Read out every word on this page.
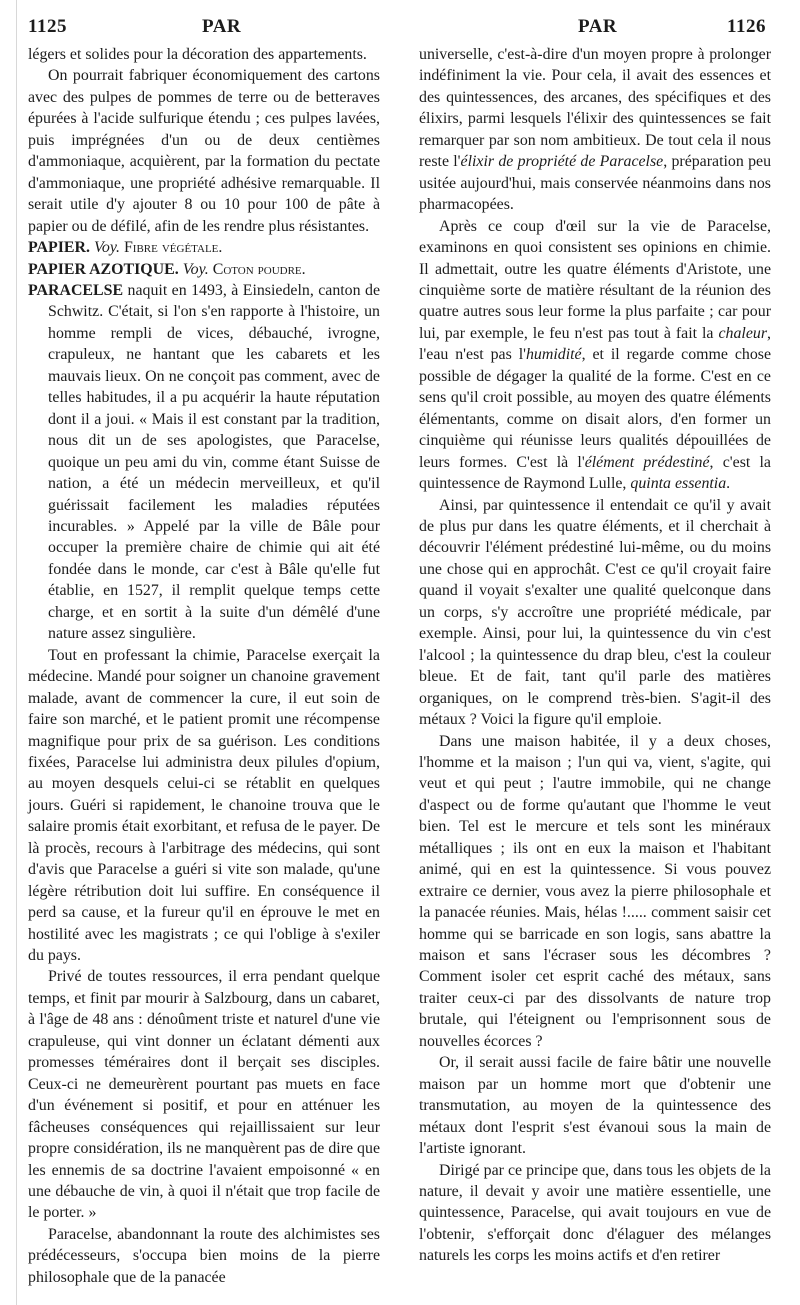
1125	PAR	PAR	1126

légers et solides pour la décoration des appartements.

On pourrait fabriquer économiquement des cartons avec des pulpes de pommes de terre ou de betteraves épurées à l'acide sulfurique étendu ; ces pulpes lavées, puis imprégnées d'un ou de deux centièmes d'ammoniaque, acquièrent, par la formation du pectate d'ammoniaque, une propriété adhésive remarquable. Il serait utile d'y ajouter 8 ou 10 pour 100 de pâte à papier ou de défilé, afin de les rendre plus résistantes.

PAPIER. Voy. Fibre végétale.

PAPIER AZOTIQUE. Voy. Coton poudre.

PARACELSE naquit en 1493, à Einsiedeln, canton de Schwitz. C'était, si l'on s'en rapporte à l'histoire, un homme rempli de vices, débauché, ivrogne, crapuleux, ne hantant que les cabarets et les mauvais lieux. On ne conçoit pas comment, avec de telles habitudes, il a pu acquérir la haute réputation dont il a joui. « Mais il est constant par la tradition, nous dit un de ses apologistes, que Paracelse, quoique un peu ami du vin, comme étant Suisse de nation, a été un médecin merveilleux, et qu'il guérissait facilement les maladies réputées incurables. » Appelé par la ville de Bâle pour occuper la première chaire de chimie qui ait été fondée dans le monde, car c'est à Bâle qu'elle fut établie, en 1527, il remplit quelque temps cette charge, et en sortit à la suite d'un démêlé d'une nature assez singulière.

Tout en professant la chimie, Paracelse exerçait la médecine. Mandé pour soigner un chanoine gravement malade, avant de commencer la cure, il eut soin de faire son marché, et le patient promit une récompense magnifique pour prix de sa guérison. Les conditions fixées, Paracelse lui administra deux pilules d'opium, au moyen desquels celui-ci se rétablit en quelques jours. Guéri si rapidement, le chanoine trouva que le salaire promis était exorbitant, et refusa de le payer. De là procès, recours à l'arbitrage des médecins, qui sont d'avis que Paracelse a guéri si vite son malade, qu'une légère rétribution doit lui suffire. En conséquence il perd sa cause, et la fureur qu'il en éprouve le met en hostilité avec les magistrats ; ce qui l'oblige à s'exiler du pays.

Privé de toutes ressources, il erra pendant quelque temps, et finit par mourir à Salzbourg, dans un cabaret, à l'âge de 48 ans : dénoûment triste et naturel d'une vie crapuleuse, qui vint donner un éclatant démenti aux promesses téméraires dont il berçait ses disciples. Ceux-ci ne demeurèrent pourtant pas muets en face d'un événement si positif, et pour en atténuer les fâcheuses conséquences qui rejaillissaient sur leur propre considération, ils ne manquèrent pas de dire que les ennemis de sa doctrine l'avaient empoisonné « en une débauche de vin, à quoi il n'était que trop facile de le porter. »

Paracelse, abandonnant la route des alchimistes ses prédécesseurs, s'occupa bien moins de la pierre philosophale que de la panacée

universelle, c'est-à-dire d'un moyen propre à prolonger indéfiniment la vie. Pour cela, il avait des essences et des quintessences, des arcanes, des spécifiques et des élixirs, parmi lesquels l'élixir des quintessences se fait remarquer par son nom ambitieux. De tout cela il nous reste l'élixir de propriété de Paracelse, préparation peu usitée aujourd'hui, mais conservée néanmoins dans nos pharmacopées.

Après ce coup d'œil sur la vie de Paracelse, examinons en quoi consistent ses opinions en chimie. Il admettait, outre les quatre éléments d'Aristote, une cinquième sorte de matière résultant de la réunion des quatre autres sous leur forme la plus parfaite ; car pour lui, par exemple, le feu n'est pas tout à fait la chaleur, l'eau n'est pas l'humidité, et il regarde comme chose possible de dégager la qualité de la forme. C'est en ce sens qu'il croit possible, au moyen des quatre éléments élémentants, comme on disait alors, d'en former un cinquième qui réunisse leurs qualités dépouillées de leurs formes. C'est là l'élément prédestiné, c'est la quintessence de Raymond Lulle, quinta essentia.

Ainsi, par quintessence il entendait ce qu'il y avait de plus pur dans les quatre éléments, et il cherchait à découvrir l'élément prédestiné lui-même, ou du moins une chose qui en approchât. C'est ce qu'il croyait faire quand il voyait s'exalter une qualité quelconque dans un corps, s'y accroître une propriété médicale, par exemple. Ainsi, pour lui, la quintessence du vin c'est l'alcool ; la quintessence du drap bleu, c'est la couleur bleue. Et de fait, tant qu'il parle des matières organiques, on le comprend très-bien. S'agit-il des métaux ? Voici la figure qu'il emploie.

Dans une maison habitée, il y a deux choses, l'homme et la maison ; l'un qui va, vient, s'agite, qui veut et qui peut ; l'autre immobile, qui ne change d'aspect ou de forme qu'autant que l'homme le veut bien. Tel est le mercure et tels sont les minéraux métalliques ; ils ont en eux la maison et l'habitant animé, qui en est la quintessence. Si vous pouvez extraire ce dernier, vous avez la pierre philosophale et la panacée réunies. Mais, hélas !..... comment saisir cet homme qui se barricade en son logis, sans abattre la maison et sans l'écraser sous les décombres ? Comment isoler cet esprit caché des métaux, sans traiter ceux-ci par des dissolvants de nature trop brutale, qui l'éteignent ou l'emprisonnent sous de nouvelles écorces ?

Or, il serait aussi facile de faire bâtir une nouvelle maison par un homme mort que d'obtenir une transmutation, au moyen de la quintessence des métaux dont l'esprit s'est évanoui sous la main de l'artiste ignorant.

Dirigé par ce principe que, dans tous les objets de la nature, il devait y avoir une matière essentielle, une quintessence, Paracelse, qui avait toujours en vue de l'obtenir, s'efforçait donc d'élaguer des mélanges naturels les corps les moins actifs et d'en retirer
